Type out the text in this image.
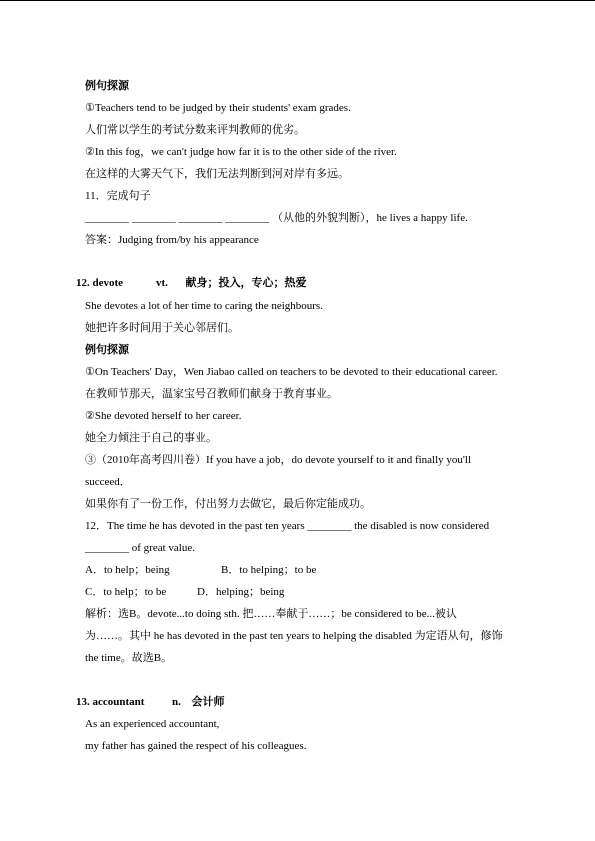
例句探源
①Teachers tend to be judged by their students' exam grades.
人们常以学生的考试分数来评判教师的优劣。
②In this fog，we can't judge how far it is to the other side of the river.
在这样的大雾天气下，我们无法判断到河对岸有多远。
11．完成句子
________ ________ ________ ________ （从他的外貌判断），he lives a happy life.
答案：Judging from/by his appearance
12. devote	vt. 献身；投入，专心；热爱
She devotes a lot of her time to caring the neighbours.
她把许多时间用于关心邻居们。
例句探源
①On Teachers' Day，Wen Jiabao called on teachers to be devoted to their educational career.
在教师节那天，温家宝号召教师们献身于教育事业。
②She devoted herself to her career.
她全力倾注于自己的事业。
③（2010年高考四川卷）If you have a job，do devote yourself to it and finally you'll
succeed．
如果你有了一份工作，付出努力去做它，最后你定能成功。
12．The time he has devoted in the past ten years ________ the disabled is now considered
________ of great value.
A．to help；being	B．to helping；to be
C．to help；to be	D．helping；being
解析：选B。devote...to doing sth. 把……奉献于……；be considered to be...被认
为……。其中 he has devoted in the past ten years to helping the disabled 为定语从句，修饰
the time。故选B。
13. accountant	n. 会计师
As an experienced accountant,
my father has gained the respect of his colleagues.
